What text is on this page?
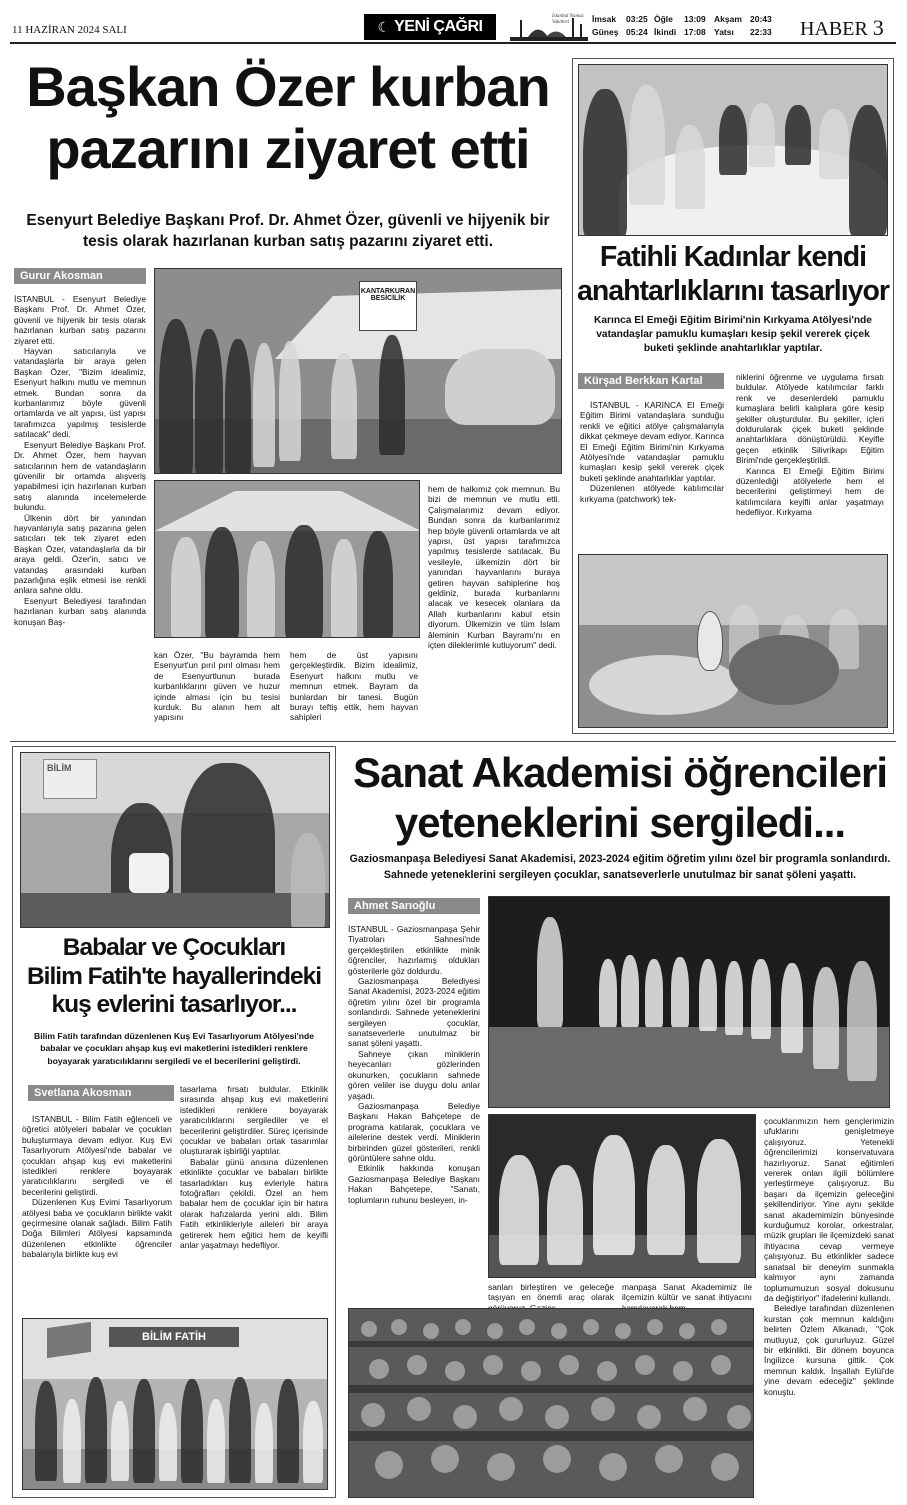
11 HAZİRAN 2024 SALI	☾ YENİ ÇAĞRI
İstanbul Namaz Vakitleri	İmsak	03:25 Öğle	13:09 Akşam 20:43
Güneş 05:24 İkindi 17:08 Yatsı	22:33	HABER 3
Başkan Özer kurban
pazarını ziyaret etti
Esenyurt Belediye Başkanı Prof. Dr. Ahmet Özer, güvenli ve hijyenik bir tesis olarak hazırlanan kurban satış pazarını ziyaret etti.
Gurur Akosman

İSTANBUL - Esenyurt Belediye Başkanı Prof. Dr. Ahmet Özer, güvenli ve hijyenik bir tesis olarak hazırlanan kurban satış pazarını ziyaret etti.

Hayvan satıcılarıyla ve vatandaşlarla bir araya gelen Başkan Özer, "Bizim idealimiz, Esenyurt halkını mutlu ve memnun etmek. Bundan sonra da kurbanlarımız böyle güvenli ortamlarda ve alt yapısı, üst yapısı tarafımızca yapılmış tesislerde satılacak" dedi.

Esenyurt Belediye Başkanı Prof. Dr. Ahmet Özer, hem hayvan satıcılarının hem de vatandaşların güvenilir bir ortamda alışveriş yapabilmesi için hazırlanan kurban satış alanında incelemelerde bulundu.

Ülkenin dört bir yanından hayvanlarıyla satış pazarına gelen satıcıları tek tek ziyaret eden Başkan Özer, vatandaşlarla da bir araya geldi. Özer'in, satıcı ve vatandaş arasındaki kurban pazarlığına eşlik etmesi ise renkli anlara sahne oldu.

Esenyurt Belediyesi tarafından hazırlanan kurban satış alanında konuşan Baş-

KANTARKURAN BESİCİLİK
hem de halkımız çok memnun. Bu bizi de memnun ve mutlu etti. Çalışmalarımız devam ediyor. Bundan sonra da kurbanlarımız hep böyle güvenli ortamlarda ve alt yapısı, üst yapısı tarafımızca yapılmış tesislerde satılacak. Bu vesileyle, ülkemizin dört bir yanından hayvanlarını buraya getiren hayvan sahiplerine hoş geldiniz, burada kurbanlarını alacak ve kesecek olanlara da Allah kurbanlarını kabul etsin diyorum. Ülkemizin ve tüm İslam âleminin Kurban Bayramı'nı en içten dileklerimle kutluyorum" dedi.
kan Özer, "Bu bayramda hem Esenyurt'un pırıl pırıl olması hem de Esenyurtlunun burada kurbanlıklarını güven ve huzur içinde alması için bu tesisi kurduk. Bu alanın hem alt yapısını
hem de üst yapısını gerçekleştirdik. Bizim idealimiz, Esenyurt halkını mutlu ve memnun etmek. Bayram da bunlardan bir tanesi. Bugün burayı teftiş ettik, hem hayvan sahipleri
Fatihli Kadınlar kendi
anahtarlıklarını tasarlıyor
Karınca El Emeği Eğitim Birimi'nin Kırkyama Atölyesi'nde vatandaşlar pamuklu kumaşları kesip şekil vererek çiçek buketi şeklinde anahtarlıklar yaptılar.
Kürşad Berkkan Kartal

İSTANBUL - KARINCA El Emeği Eğitim Birimi vatandaşlara sunduğu renkli ve eğitici atölye çalışmalarıyla dikkat çekmeye devam ediyor. Karınca El Emeği Eğitim Birimi'nin Kırkyama Atölyesi'nde vatandaşlar pamuklu kumaşları kesip şekil vererek çiçek buketi şeklinde anahtarlıklar yaptılar.

Düzenlenen atölyede katılımcılar kırkyama (patchwork) tek-

niklerini öğrenme ve uygulama fırsatı buldular. Atölyede katılımcılar farklı renk ve desenlerdeki pamuklu kumaşlara belirli kalıplara göre kesip şekiller oluşturdular. Bu şekiller, içleri doldurularak çiçek buketi şeklinde anahtarlıklara dönüştürüldü. Keyifle geçen etkinlik Silivrikapı Eğitim Birimi'nde gerçekleştirildi.

Karınca El Emeği Eğitim Birimi düzenlediği atölyelerle hem el becerilerini geliştirmeyi hem de katılımcılara keyifli anlar yaşatmayı hedefliyor. Kırkyama

BİLİM
Babalar ve Çocukları
Bilim Fatih'te hayallerindeki
kuş evlerini tasarlıyor...
Bilim Fatih tarafından düzenlenen Kuş Evi Tasarlıyorum Atölyesi'nde babalar ve çocukları ahşap kuş evi maketlerini istedikleri renklere boyayarak yaratıcılıklarını sergiledi ve el becerilerini geliştirdi.
Svetlana Akosman

İSTANBUL - Bilim Fatih eğlenceli ve öğretici atölyeleri babalar ve çocukları buluşturmaya devam ediyor. Kuş Evi Tasarlıyorum Atölyesi'nde babalar ve çocukları ahşap kuş evi maketlerini istedikleri renklere boyayarak yaratıcılıklarını sergiledi ve el becerilerini geliştirdi.

Düzenlenen Kuş Evimi Tasarlıyorum atölyesi baba ve çocukların birlikte vakit geçirmesine olanak sağladı. Bilim Fatih Doğa Bilimleri Atölyesi kapsamında düzenlenen etkinlikte öğrenciler babalarıyla birlikte kuş evi

tasarlama fırsatı buldular. Etkinlik sırasında ahşap kuş evi maketlerini istedikleri renklere boyayarak yaratıcılıklarını sergilediler ve el becerilerini geliştirdiler. Süreç içerisinde çocuklar ve babaları ortak tasarımlar oluşturarak işbirliği yaptılar.

Babalar günü anısına düzenlenen etkinlikte çocuklar ve babaları birlikte tasarladıkları kuş evleriyle hatıra fotoğrafları çekildi. Özel an hem babalar hem de çocuklar için bir hatıra olarak hafızalarda yerini aldı. Bilim Fatih etkinlikleriyle aileleri bir araya getirerek hem eğitici hem de keyifli anlar yaşatmayı hedefliyor.

BİLİM FATİH
Sanat Akademisi öğrencileri
yeteneklerini sergiledi...
Gaziosmanpaşa Belediyesi Sanat Akademisi, 2023-2024 eğitim öğretim yılını özel bir programla sonlandırdı. Sahnede yeteneklerini sergileyen çocuklar, sanatseverlerle unutulmaz bir sanat şöleni yaşattı.
Ahmet Sarıoğlu

İSTANBUL - Gaziosmanpaşa Şehir Tiyatroları Sahnesi'nde gerçekleştirilen etkinlikte minik öğrenciler, hazırlamış oldukları gösterilerle göz doldurdu.

Gaziosmanpaşa Belediyesi Sanat Akademisi, 2023-2024 eğitim öğretim yılını özel bir programla sonlandırdı. Sahnede yeteneklerini sergileyen çocuklar, sanatseverlerle unutulmaz bir sanat şöleni yaşattı.

Sahneye çıkan miniklerin heyecanları gözlerinden okunurken, çocukların sahnede gören veliler ise duygu dolu anlar yaşadı.

Gaziosmanpaşa Belediye Başkanı Hakan Bahçetepe de programa katılarak, çocuklara ve ailelerine destek verdi. Miniklerin birbirinden güzel gösterileri, renkli görüntülere sahne oldu.

Etkinlik hakkında konuşan Gaziosmanpaşa Belediye Başkanı Hakan Bahçetepe, "Sanatı, toplumların ruhunu besleyen, in-

sanları birleştiren ve geleceğe taşıyan en önemli araç olarak
manpaşa Sanat Akademimiz ile ilçemizin kültür ve sanat ihtiyacını

çocuklarımızın hem gençlerimizin ufuklarını genişletmeye çalışıyoruz. Yetenekli öğrencilerimizi konservatuvara hazırlıyoruz. Sanat eğitimleri vererek onları ilgili bölümlere yerleştirmeye çalışıyoruz. Bu başarı da ilçemizin geleceğini şekillendiriyor. Yine aynı şekilde sanat akademimizin bünyesinde kurduğumuz korolar, orkestralar, müzik grupları ile ilçemizdeki sanat ihtiyacına cevap vermeye çalışıyoruz. Bu etkinlikler sadece sanatsal bir deneyim sunmakla kalmıyor aynı zamanda toplumumuzun sosyal dokusunu da değiştiriyor" ifadelerini kullandı.

Belediye tarafından düzenlenen kurstan çok memnun kaldığını belirten Özlem Alkanadı, "Çok mutluyuz, çok gururluyuz. Güzel bir etkinlikti. Bir dönem boyunca İngilizce kursuna gittik. Çok memnun kaldık. İnşallah Eylül'de yine devam edeceğiz" şeklinde konuştu.
